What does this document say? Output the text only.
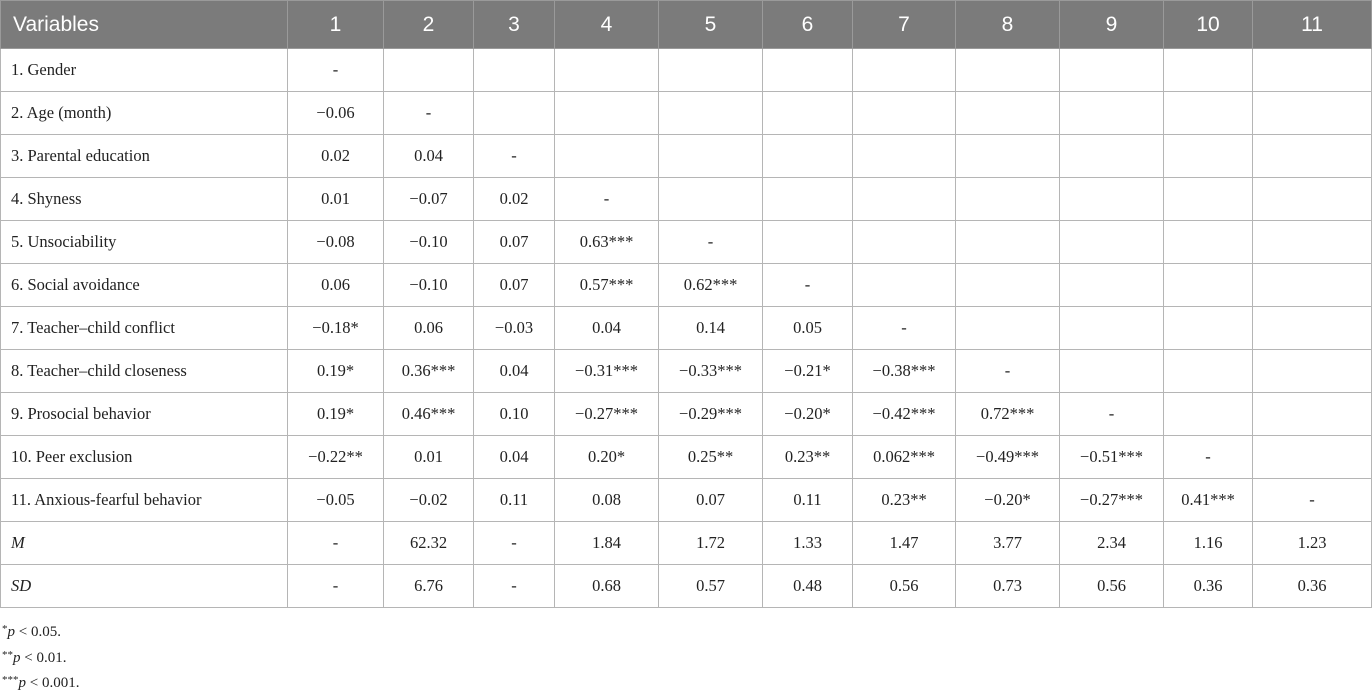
Variables	1	2	3	4	5	6	7	8	9	10	11
1. Gender	-										
2. Age (month)	−0.06	-									
3. Parental education	0.02	0.04	-								
4. Shyness	0.01	−0.07	0.02	-							
5. Unsociability	−0.08	−0.10	0.07	0.63***	-						
6. Social avoidance	0.06	−0.10	0.07	0.57***	0.62***	-					
7. Teacher–child conflict	−0.18*	0.06	−0.03	0.04	0.14	0.05	-				
8. Teacher–child closeness	0.19*	0.36***	0.04	−0.31***	−0.33***	−0.21*	−0.38***	-			
9. Prosocial behavior	0.19*	0.46***	0.10	−0.27***	−0.29***	−0.20*	−0.42***	0.72***	-		
10. Peer exclusion	−0.22**	0.01	0.04	0.20*	0.25**	0.23**	0.062***	−0.49***	−0.51***	-	
11. Anxious-fearful behavior	−0.05	−0.02	0.11	0.08	0.07	0.11	0.23**	−0.20*	−0.27***	0.41***	-
M	-	62.32	-	1.84	1.72	1.33	1.47	3.77	2.34	1.16	1.23
SD	-	6.76	-	0.68	0.57	0.48	0.56	0.73	0.56	0.36	0.36
*p < 0.05.
**p < 0.01.
***p < 0.001.
